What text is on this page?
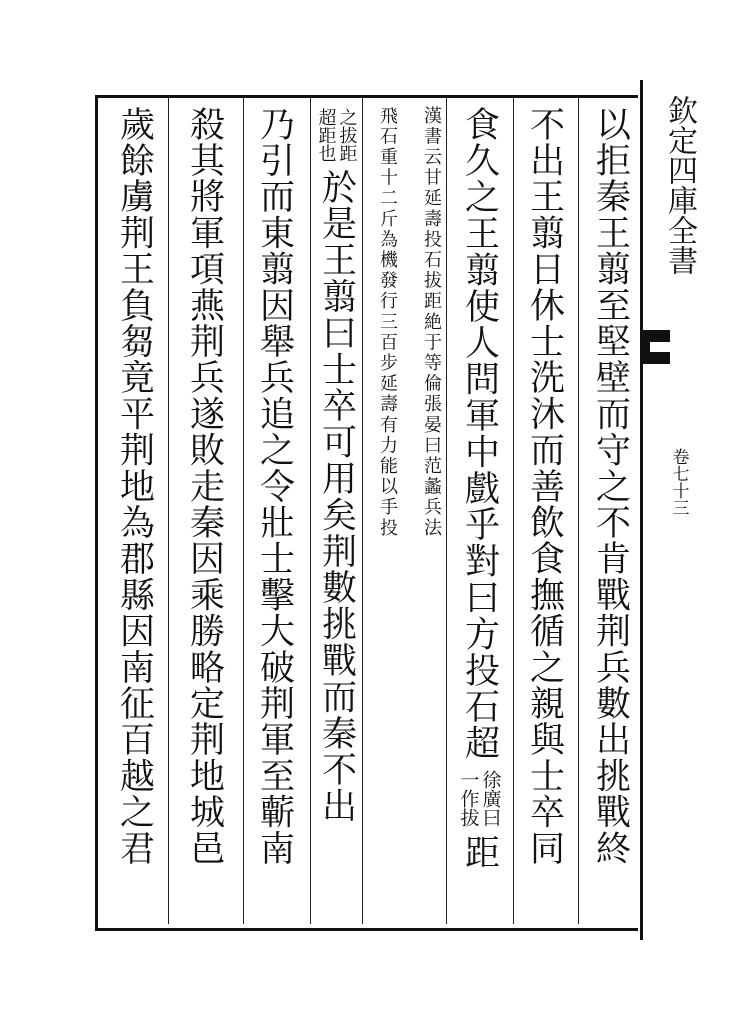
欽定四庫全書
卷七十三
以拒秦王翦至堅壁而守之不肯戰荆兵數出挑戰終
不出王翦日休士洗沐而善飲食撫循之親與士卒同
食久之王翦使人問軍中戲乎對曰方投石超
徐廣曰
一作拔
距
漢書云甘延壽投石拔距絶于等倫張晏曰范蠡兵法
飛石重十二斤為機發行三百步延壽有力能以手投
之拔距
超距也
於是王翦曰士卒可用矣荆數挑戰而秦不出
乃引而東翦因舉兵追之令壯士擊大破荆軍至蘄南
殺其將軍項燕荆兵遂敗走秦因乘勝略定荆地城邑
歲餘虜荆王負芻竟平荆地為郡縣因南征百越之君
